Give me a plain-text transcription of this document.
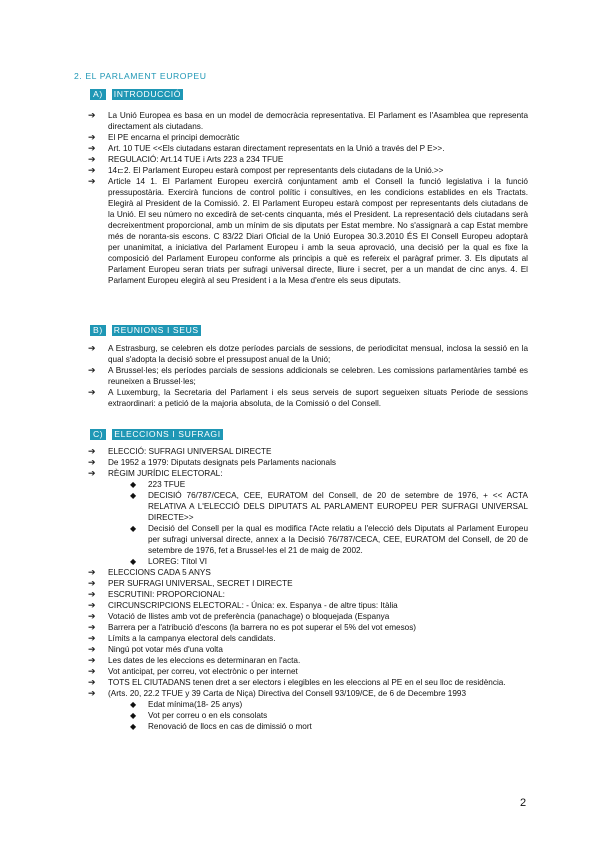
2. EL PARLAMENT EUROPEU
A)	INTRODUCCIÓ
➔ La Unió Europea es basa en un model de democràcia representativa. El Parlament es l'Asamblea que representa directament als ciutadans.
➔ El PE encarna el principi democràtic
➔ Art. 10 TUE <<Els ciutadans estaran directament representats en la Unió a través del P E>>.
➔ REGULACIÓ: Art.14 TUE i Arts 223 a 234 TFUE
➔ 14⊏2. El Parlament Europeu estarà compost per representants dels ciutadans de la Unió.>>
➔ Article 14 1. El Parlament Europeu exercirà conjuntament amb el Consell la funció legislativa i la funció pressupostària. Exercirà funcions de control polític i consultives, en les condicions establides en els Tractats. Elegirà al President de la Comissió. 2. El Parlament Europeu estarà compost per representants dels ciutadans de la Unió. El seu número no excedirà de set-cents cinquanta, més el President. La representació dels ciutadans serà decreixentment proporcional, amb un mínim de sis diputats per Estat membre. No s'assignarà a cap Estat membre més de noranta-sis escons. C 83/22 Diari Oficial de la Unió Europea 30.3.2010 ÉS El Consell Europeu adoptarà per unanimitat, a iniciativa del Parlament Europeu i amb la seua aprovació, una decisió per la qual es fixe la composició del Parlament Europeu conforme als principis a què es refereix el paràgraf primer. 3. Els diputats al Parlament Europeu seran triats per sufragi universal directe, lliure i secret, per a un mandat de cinc anys. 4. El Parlament Europeu elegirà al seu President i a la Mesa d'entre els seus diputats.
B)	REUNIONS I SEUS
➔ A Estrasburg, se celebren els dotze períodes parcials de sessions, de periodicitat mensual, inclosa la sessió en la qual s'adopta la decisió sobre el pressupost anual de la Unió;
➔ A Brussel·les; els períodes parcials de sessions addicionals se celebren. Les comissions parlamentàries també es reuneixen a Brussel·les;
➔ A Luxemburg, la Secretaria del Parlament i els seus serveis de suport segueixen situats Periode de sessions extraordinari: a petició de la majoria absoluta, de la Comissió o del Consell.
C)	ELECCIONS I SUFRAGI
➔ ELECCIÓ: SUFRAGI UNIVERSAL DIRECTE
➔ De 1952 a 1979: Diputats designats pels Parlaments nacionals
➔ RÈGIM JURÍDIC ELECTORAL:
◆ 223 TFUE
◆ DECISIÓ 76/787/CECA, CEE, EURATOM del Consell, de 20 de setembre de 1976, + << ACTA RELATIVA A L'ELECCIÓ DELS DIPUTATS AL PARLAMENT EUROPEU PER SUFRAGI UNIVERSAL DIRECTE>>
◆ Decisió del Consell per la qual es modifica l'Acte relatiu a l'elecció dels Diputats al Parlament Europeu per sufragi universal directe, annex a la Decisió 76/787/CECA, CEE, EURATOM del Consell, de 20 de setembre de 1976, fet a Brussel·les el 21 de maig de 2002.
◆ LOREG: Títol VI
➔ ELECCIONS CADA 5 ANYS
➔ PER SUFRAGI UNIVERSAL, SECRET I DIRECTE
➔ ESCRUTINI: PROPORCIONAL:
➔ CIRCUNSCRIPCIONS ELECTORAL: - Única: ex. Espanya - de altre tipus: Itàlia
➔ Votació de llistes amb vot de preferència (panachage) o bloquejada (Espanya
➔ Barrera per a l'atribució d'escons (la barrera no es pot superar el 5% del vot emesos)
➔ Límits a la campanya electoral dels candidats.
➔ Ningú pot votar més d'una volta
➔ Les dates de les eleccions es determinaran en l'acta.
➔ Vot anticipat, per correu, vot electrònic o per internet
➔ TOTS EL CIUTADANS tenen dret a ser electors i elegibles en les eleccions al PE en el seu lloc de residència.
➔ (Arts. 20, 22.2 TFUE y 39 Carta de Niça) Directiva del Consell 93/109/CE, de 6 de Decembre 1993
◆ Edat mínima(18- 25 anys)
◆ Vot per correu o en els consolats
◆ Renovació de llocs en cas de dimissió o mort
2
